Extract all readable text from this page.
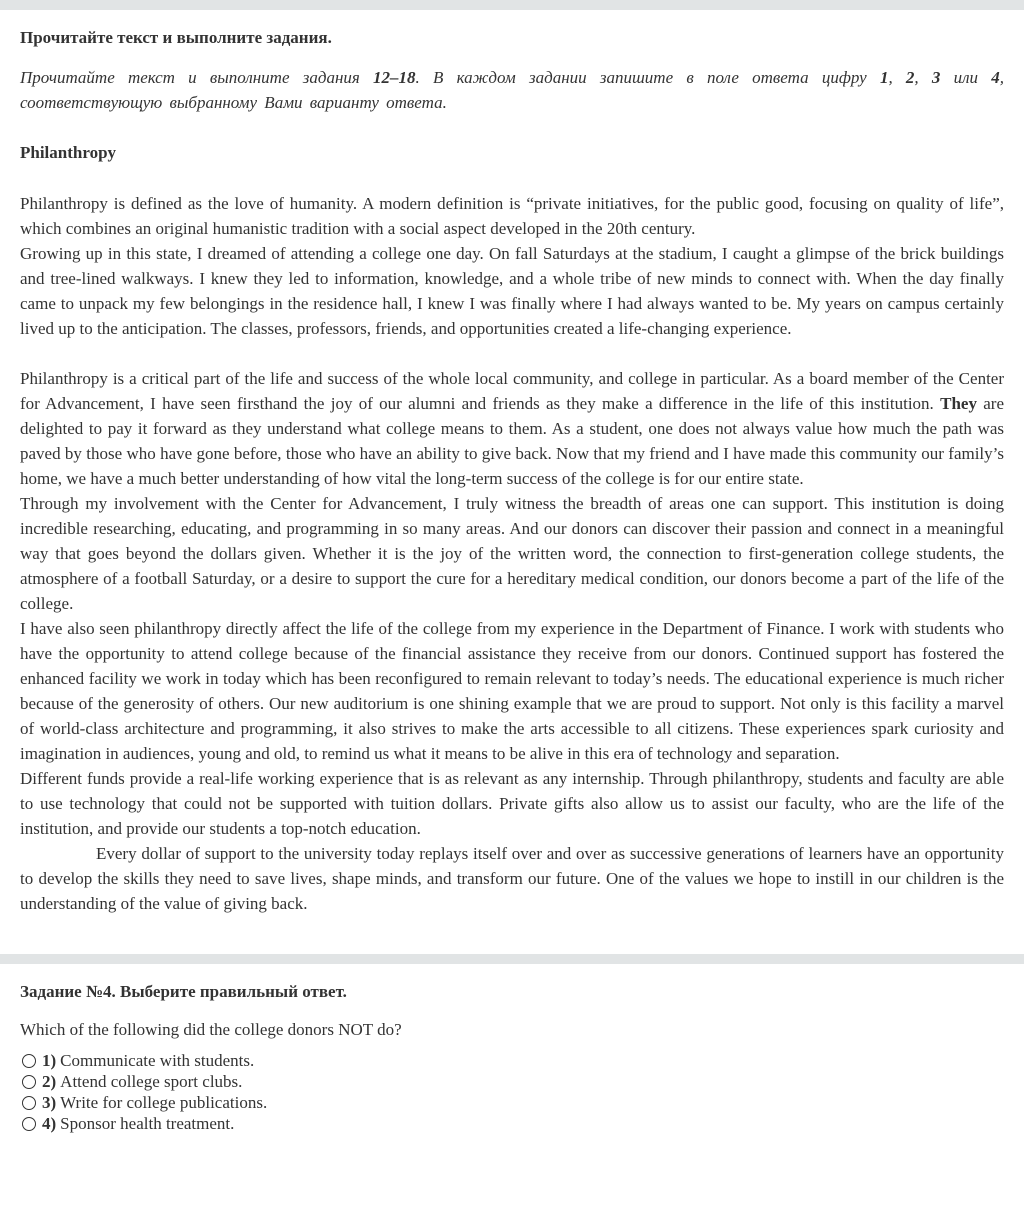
Прочитайте текст и выполните задания.

Прочитайте текст и выполните задания 12–18. В каждом задании запишите в поле ответа цифру 1, 2, 3 или 4, соответствующую выбранному Вами варианту ответа.

Philanthropy

Philanthropy is defined as the love of humanity. A modern definition is “private initiatives, for the public good, focusing on quality of life”, which combines an original humanistic tradition with a social aspect developed in the 20th century.

Growing up in this state, I dreamed of attending a college one day. On fall Saturdays at the stadium, I caught a glimpse of the brick buildings and tree-lined walkways. I knew they led to information, knowledge, and a whole tribe of new minds to connect with. When the day finally came to unpack my few belongings in the residence hall, I knew I was finally where I had always wanted to be. My years on campus certainly lived up to the anticipation. The classes, professors, friends, and opportunities created a life-changing experience.

Philanthropy is a critical part of the life and success of the whole local community, and college in particular. As a board member of the Center for Advancement, I have seen firsthand the joy of our alumni and friends as they make a difference in the life of this institution. They are delighted to pay it forward as they understand what college means to them. As a student, one does not always value how much the path was paved by those who have gone before, those who have an ability to give back. Now that my friend and I have made this community our family’s home, we have a much better understanding of how vital the long-term success of the college is for our entire state.

Through my involvement with the Center for Advancement, I truly witness the breadth of areas one can support. This institution is doing incredible researching, educating, and programming in so many areas. And our donors can discover their passion and connect in a meaningful way that goes beyond the dollars given. Whether it is the joy of the written word, the connection to first-generation college students, the atmosphere of a football Saturday, or a desire to support the cure for a hereditary medical condition, our donors become a part of the life of the college.

I have also seen philanthropy directly affect the life of the college from my experience in the Department of Finance. I work with students who have the opportunity to attend college because of the financial assistance they receive from our donors. Continued support has fostered the enhanced facility we work in today which has been reconfigured to remain relevant to today’s needs. The educational experience is much richer because of the generosity of others. Our new auditorium is one shining example that we are proud to support. Not only is this facility a marvel of world-class architecture and programming, it also strives to make the arts accessible to all citizens. These experiences spark curiosity and imagination in audiences, young and old, to remind us what it means to be alive in this era of technology and separation.

Different funds provide a real-life working experience that is as relevant as any internship. Through philanthropy, students and faculty are able to use technology that could not be supported with tuition dollars. Private gifts also allow us to assist our faculty, who are the life of the institution, and provide our students a top-notch education.

Every dollar of support to the university today replays itself over and over as successive generations of learners have an opportunity to develop the skills they need to save lives, shape minds, and transform our future. One of the values we hope to instill in our children is the understanding of the value of giving back.

Задание №4. Выберите правильный ответ.

Which of the following did the college donors NOT do?

1) Communicate with students.
2) Attend college sport clubs.
3) Write for college publications.
4) Sponsor health treatment.
